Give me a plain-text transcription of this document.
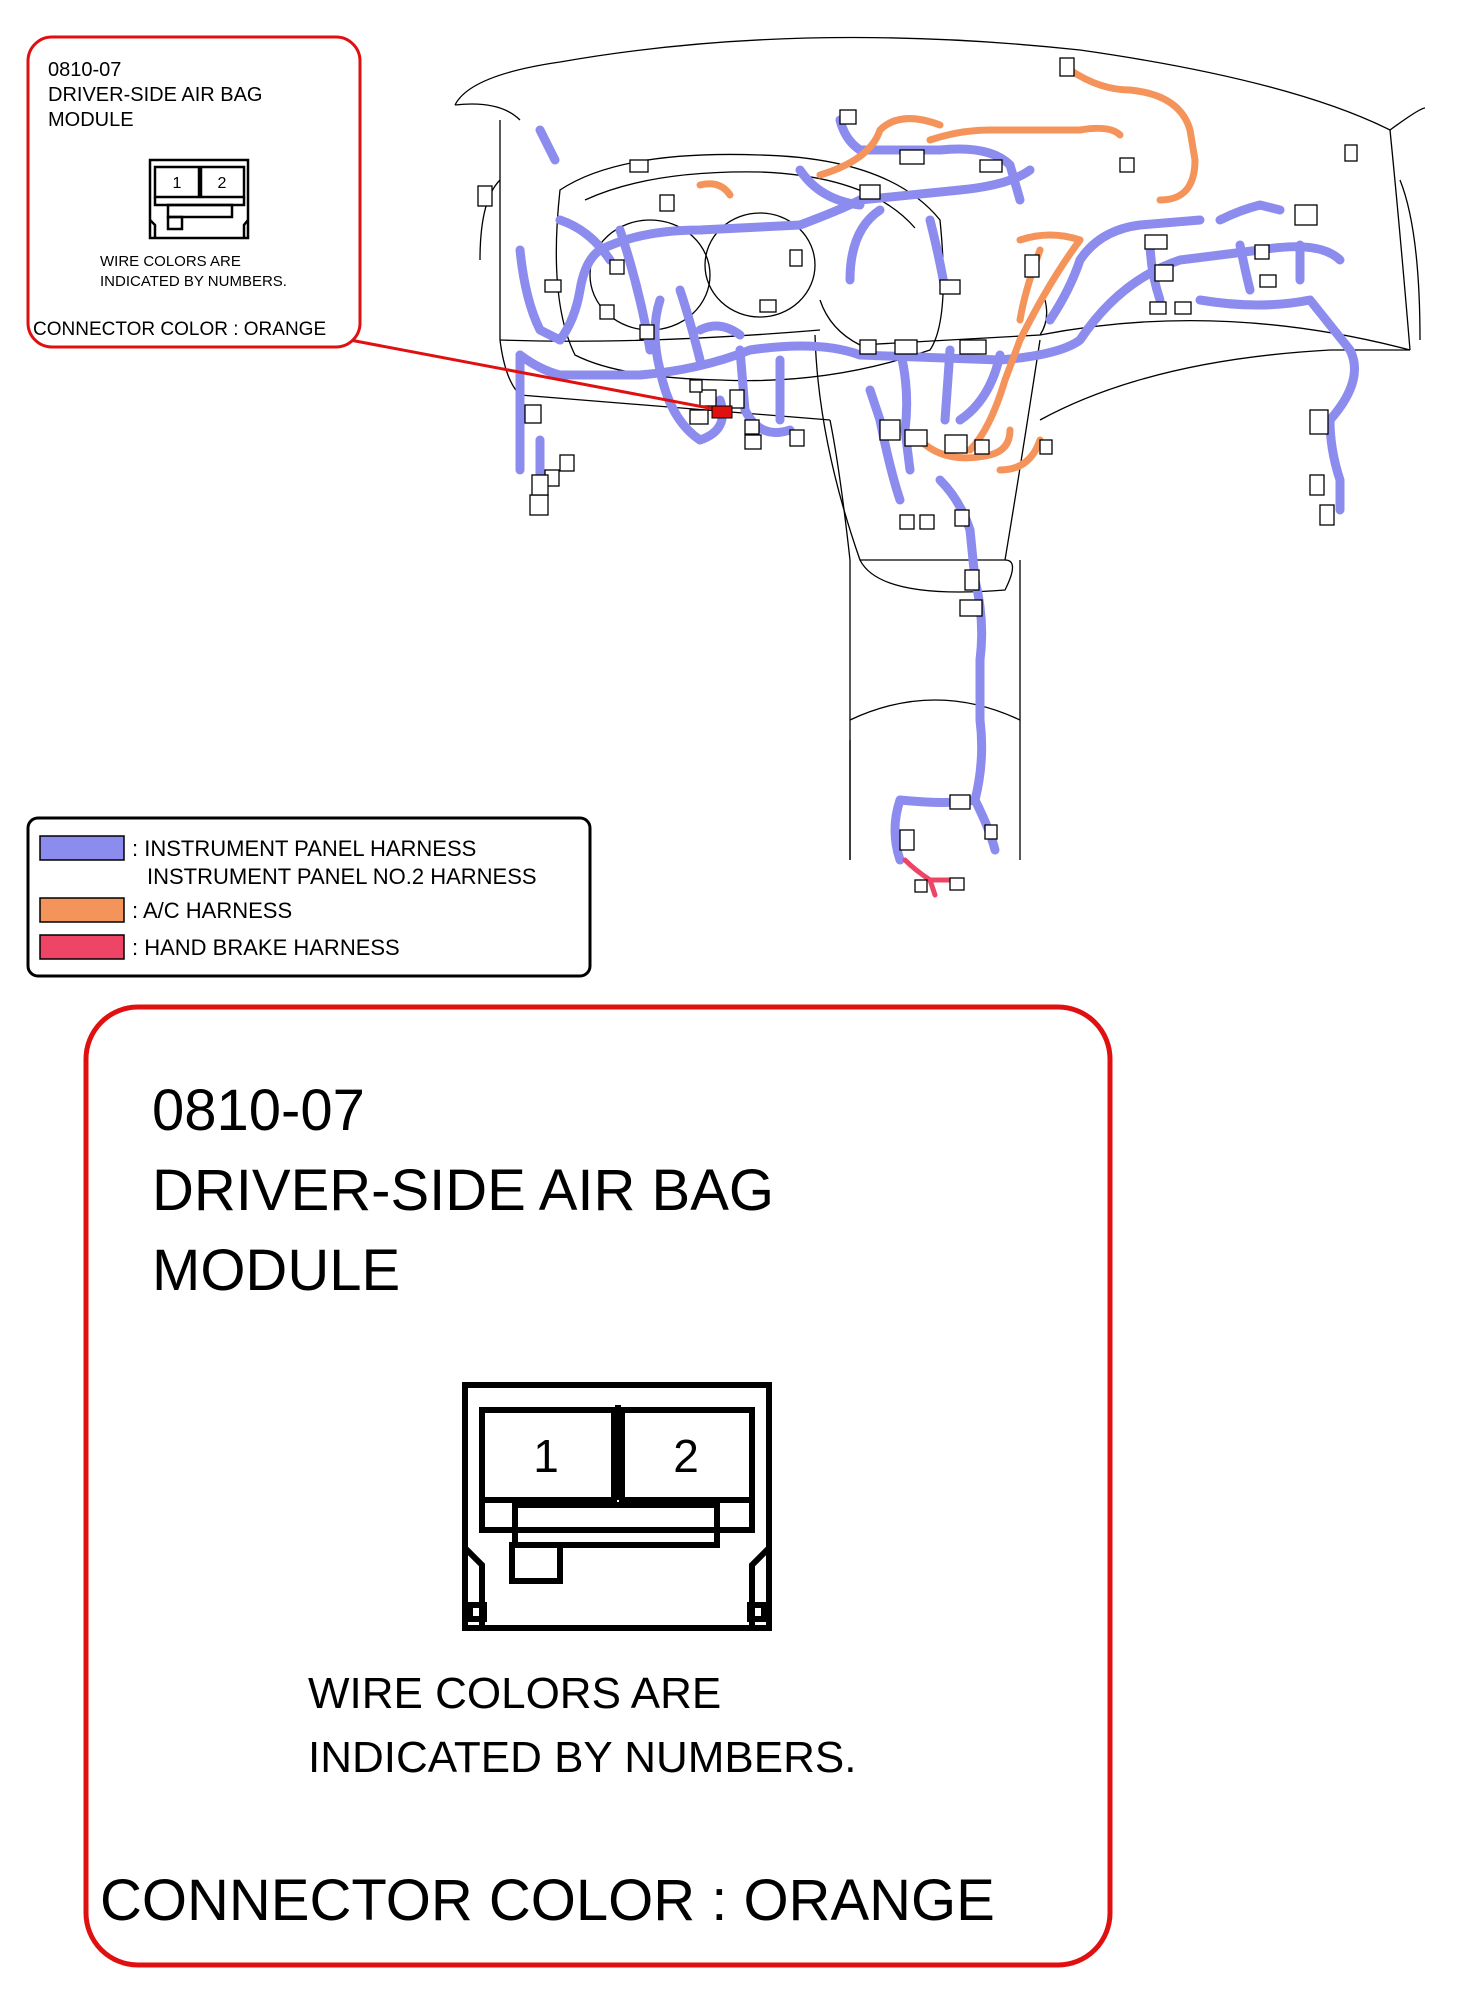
0810-07
DRIVER-SIDE AIR BAG
MODULE
1 2
WIRE COLORS ARE
INDICATED BY NUMBERS.
CONNECTOR COLOR : ORANGE
: INSTRUMENT PANEL HARNESS
INSTRUMENT PANEL NO.2 HARNESS
: A/C HARNESS
: HAND BRAKE HARNESS
0810-07
DRIVER-SIDE AIR BAG
MODULE
1 2
WIRE COLORS ARE
INDICATED BY NUMBERS.
CONNECTOR COLOR : ORANGE
